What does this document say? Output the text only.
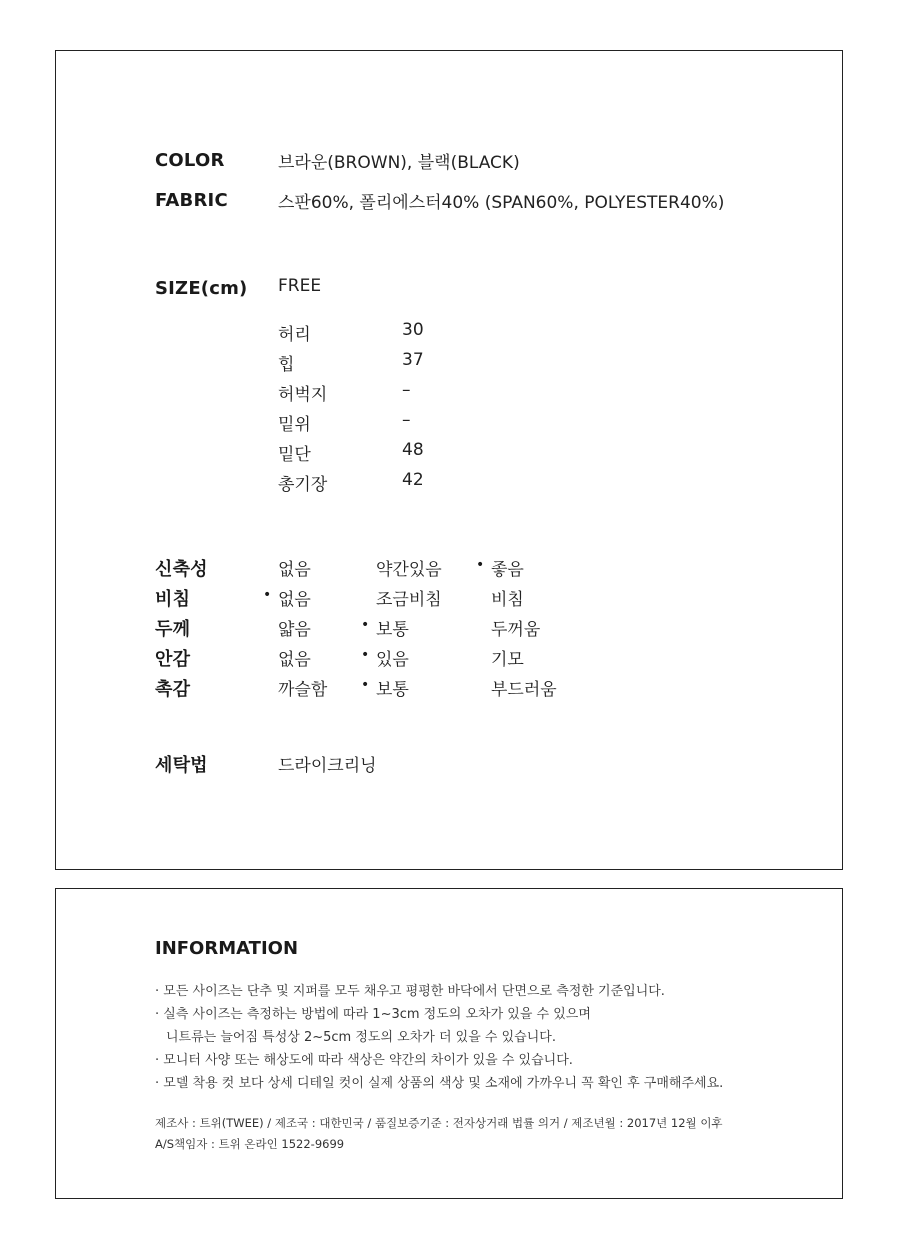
COLOR	브라운(BROWN), 블랙(BLACK)
FABRIC	스판60%, 폴리에스터40% (SPAN60%, POLYESTER40%)
SIZE(cm) FREE
허리	30
힙	37
허벅지	–
밑위	–
밑단	48
총기장	42
신축성	없음	약간있음 • 좋음
비침	• 없음	조금비침	비침
두께	얇음	• 보통	두꺼움
안감	없음	• 있음	기모
촉감	까슬함 • 보통	부드러움
세탁법	드라이크리닝
INFORMATION
· 모든 사이즈는 단추 및 지퍼를 모두 채우고 평평한 바닥에서 단면으로 측정한 기준입니다.
· 실측 사이즈는 측정하는 방법에 따라 1~3cm 정도의 오차가 있을 수 있으며
니트류는 늘어짐 특성상 2~5cm 정도의 오차가 더 있을 수 있습니다.
· 모니터 사양 또는 해상도에 따라 색상은 약간의 차이가 있을 수 있습니다.
· 모델 착용 컷 보다 상세 디테일 컷이 실제 상품의 색상 및 소재에 가까우니 꼭 확인 후 구매해주세요.
제조사 : 트위(TWEE) / 제조국 : 대한민국 / 품질보증기준 : 전자상거래 법률 의거 / 제조년월 : 2017년 12월 이후
A/S책임자 : 트위 온라인 1522-9699
